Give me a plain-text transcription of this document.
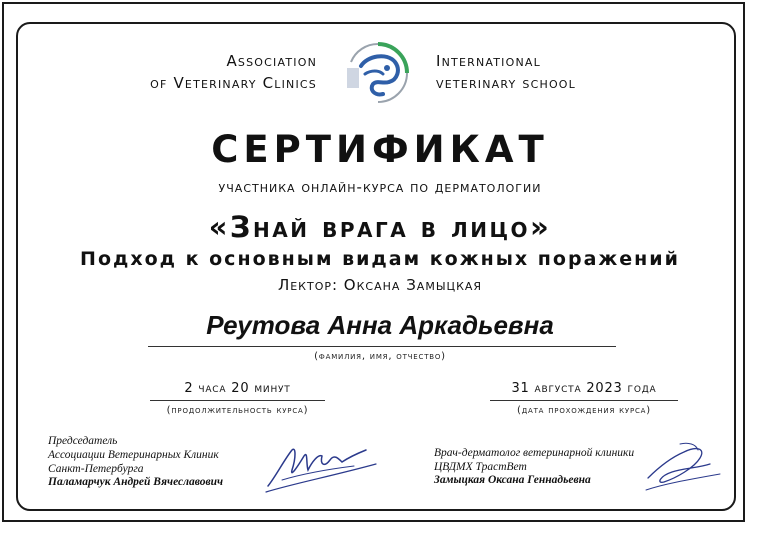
Association
of Veterinary Clinics
International
veterinary school
СЕРТИФИКАТ
участника онлайн-курса по дерматологии
«Знай врага в лицо»
Подход к основным видам кожных поражений
Лектор: Оксана Замыцкая
Реутова Анна Аркадьевна
(фамилия, имя, отчество)
2 часа 20 минут
(продолжительность курса)
31 августа 2023 года
(дата прохождения курса)
Председатель
Ассоциации Ветеринарных Клиник
Санкт-Петербурга
Паламарчук Андрей Вячеславович
Врач-дерматолог ветеринарной клиники
ЦВДМХ ТрастВет
Замыцкая Оксана Геннадьевна
